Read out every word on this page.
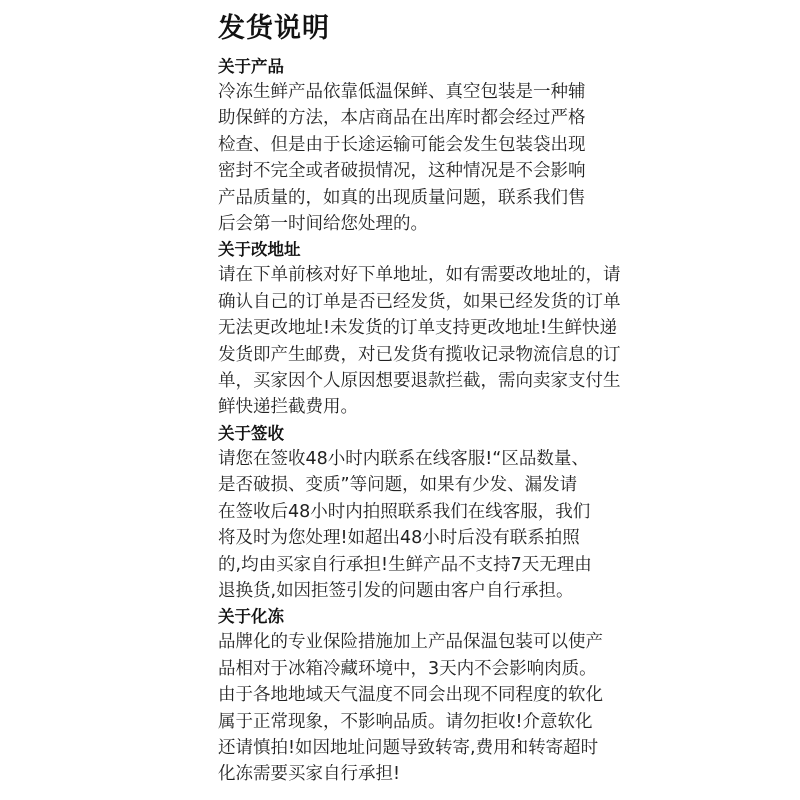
发货说明
关于产品
冷冻生鲜产品依靠低温保鲜、真空包装是一种辅
助保鲜的方法，本店商品在出库时都会经过严格
检查、但是由于长途运输可能会发生包装袋出现
密封不完全或者破损情况，这种情况是不会影响
产品质量的，如真的出现质量问题，联系我们售
后会第一时间给您处理的。
关于改地址
请在下单前核对好下单地址，如有需要改地址的，请
确认自己的订单是否已经发货，如果已经发货的订单
无法更改地址!未发货的订单支持更改地址!生鲜快递
发货即产生邮费，对已发货有揽收记录物流信息的订
单，买家因个人原因想要退款拦截，需向卖家支付生
鲜快递拦截费用。
关于签收
请您在签收48小时内联系在线客服!“区品数量、
是否破损、变质”等问题，如果有少发、漏发请
在签收后48小时内拍照联系我们在线客服，我们
将及时为您处理!如超出48小时后没有联系拍照
的,均由买家自行承担!生鲜产品不支持7天无理由
退换货,如因拒签引发的问题由客户自行承担。
关于化冻
品牌化的专业保险措施加上产品保温包装可以使产
品相对于冰箱冷藏环境中，3天内不会影响肉质。
由于各地地域天气温度不同会出现不同程度的软化
属于正常现象，不影响品质。请勿拒收!介意软化
还请慎拍!如因地址问题导致转寄,费用和转寄超时
化冻需要买家自行承担!
